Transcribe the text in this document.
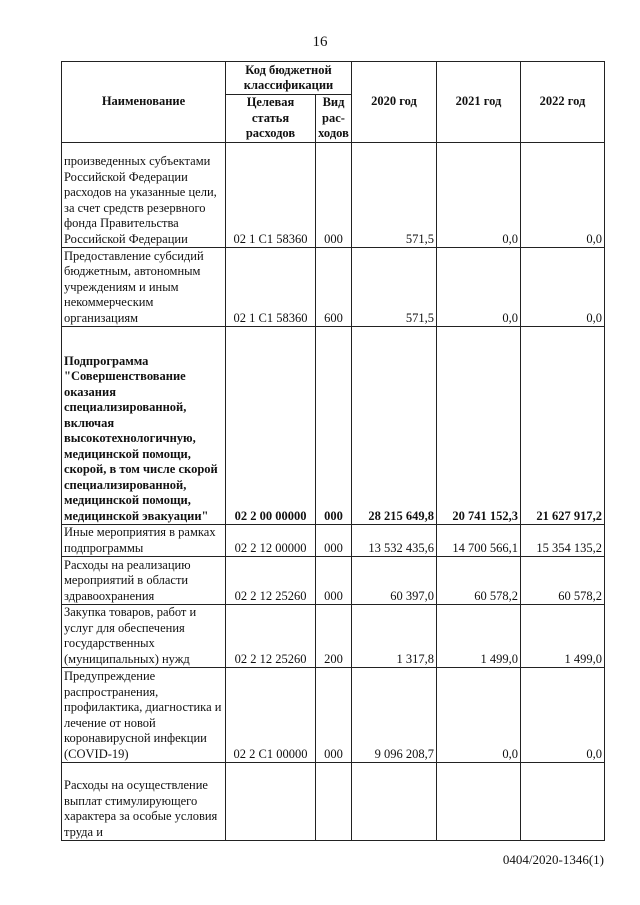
16
Наименование	Код бюджетной классификации		2020 год	2021 год	2022 год
	Целевая статья расходов	Вид рас-ходов			
произведенных субъектами Российской Федерации расходов на указанные цели, за счет средств резервного фонда Правительства Российской Федерации	02 1 С1 58360	000	571,5	0,0	0,0
Предоставление субсидий бюджетным, автономным учреждениям и иным некоммерческим организациям	02 1 С1 58360	600	571,5	0,0	0,0
Подпрограмма "Совершенствование оказания специализированной, включая высокотехнологичную, медицинской помощи, скорой, в том числе скорой специализированной, медицинской помощи, медицинской эвакуации"	02 2 00 00000	000	28 215 649,8	20 741 152,3	21 627 917,2
Иные мероприятия в рамках подпрограммы	02 2 12 00000	000	13 532 435,6	14 700 566,1	15 354 135,2
Расходы на реализацию мероприятий в области здравоохранения	02 2 12 25260	000	60 397,0	60 578,2	60 578,2
Закупка товаров, работ и услуг для обеспечения государственных (муниципальных) нужд	02 2 12 25260	200	1 317,8	1 499,0	1 499,0
Предупреждение распространения, профилактика, диагностика и лечение от новой коронавирусной инфекции (COVID-19)	02 2 С1 00000	000	9 096 208,7	0,0	0,0
Расходы на осуществление выплат стимулирующего характера за особые условия труда и					
0404/2020-1346(1)
